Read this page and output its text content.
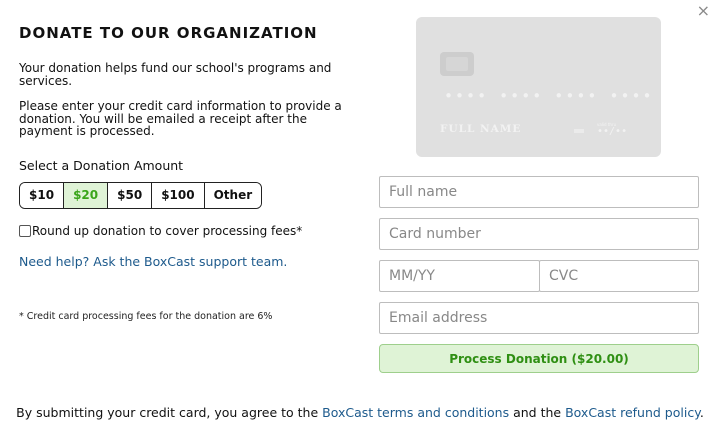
×
DONATE TO OUR ORGANIZATION
Your donation helps fund our school's programs and services.
Please enter your credit card information to provide a donation. You will be emailed a receipt after the payment is processed.
Select a Donation Amount
$10	$20	$50	$100	Other
Round up donation to cover processing fees*
Need help? Ask the BoxCast support team.
* Credit card processing fees for the donation are 6%
•••• •••• •••• ••••
FULL NAME	valid thru
••/••
Full name
Card number
MM/YY	CVC
Email address
Process Donation ($20.00)
By submitting your credit card, you agree to the BoxCast terms and conditions and the BoxCast refund policy.
